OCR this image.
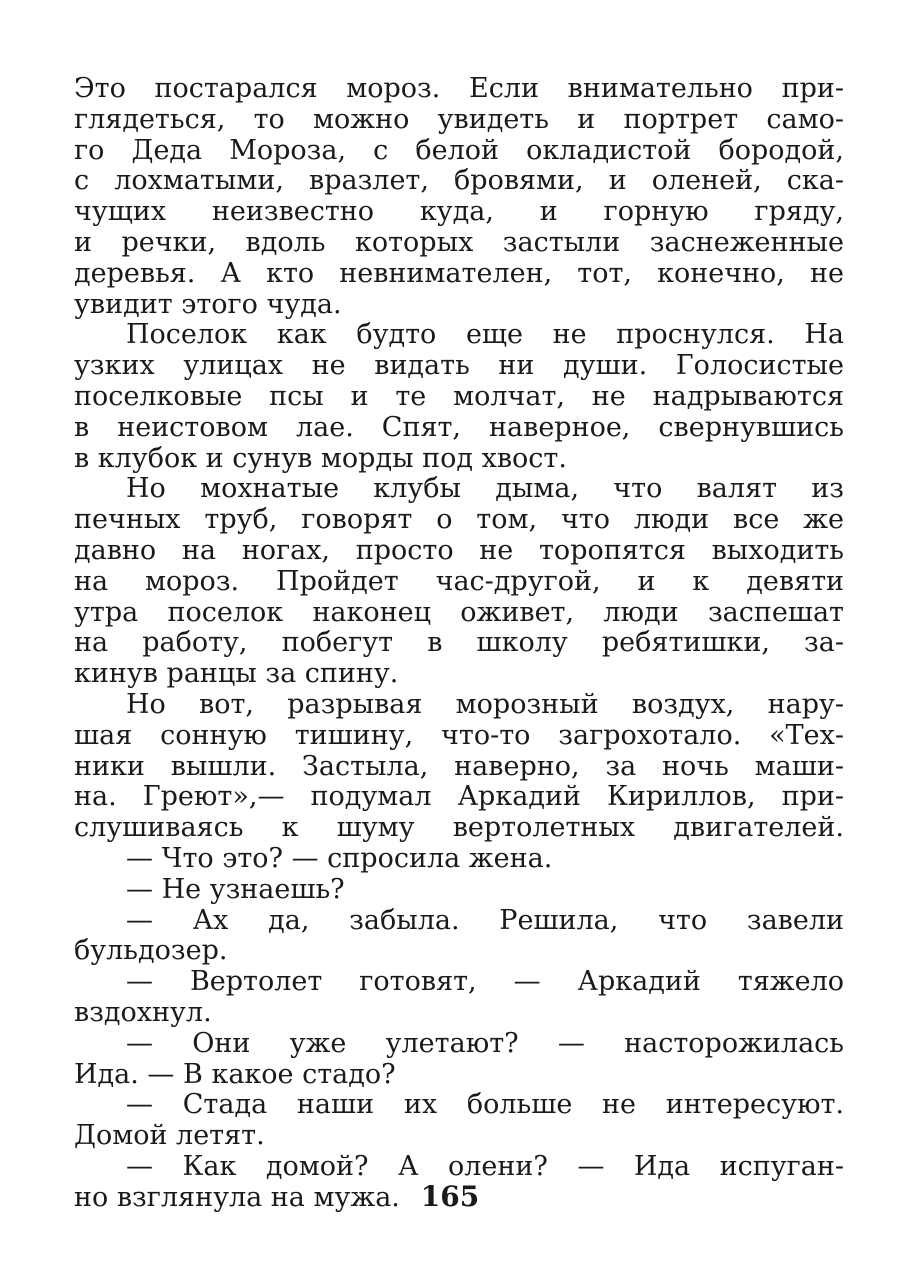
Это постарался мороз. Если внимательно при-
глядеться, то можно увидеть и портрет само-
го Деда Мороза, с белой окладистой бородой,
с лохматыми, вразлет, бровями, и оленей, ска-
чущих неизвестно куда, и горную гряду,
и речки, вдоль которых застыли заснеженные
деревья. А кто невнимателен, тот, конечно, не
увидит этого чуда.
Поселок как будто еще не проснулся. На
узких улицах не видать ни души. Голосистые
поселковые псы и те молчат, не надрываются
в неистовом лае. Спят, наверное, свернувшись
в клубок и сунув морды под хвост.
Но мохнатые клубы дыма, что валят из
печных труб, говорят о том, что люди все же
давно на ногах, просто не торопятся выходить
на мороз. Пройдет час-другой, и к девяти
утра поселок наконец оживет, люди заспешат
на работу, побегут в школу ребятишки, за-
кинув ранцы за спину.
Но вот, разрывая морозный воздух, нару-
шая сонную тишину, что-то загрохотало. «Тех-
ники вышли. Застыла, наверно, за ночь маши-
на. Греют»,— подумал Аркадий Кириллов, при-
слушиваясь к шуму вертолетных двигателей.
— Что это? — спросила жена.
— Не узнаешь?
— Ах да, забыла. Решила, что завели
бульдозер.
— Вертолет готовят, — Аркадий тяжело
вздохнул.
— Они уже улетают? — насторожилась
Ида. — В какое стадо?
— Стада наши их больше не интересуют.
Домой летят.
— Как домой? А олени? — Ида испуган-
но взглянула на мужа. 165
